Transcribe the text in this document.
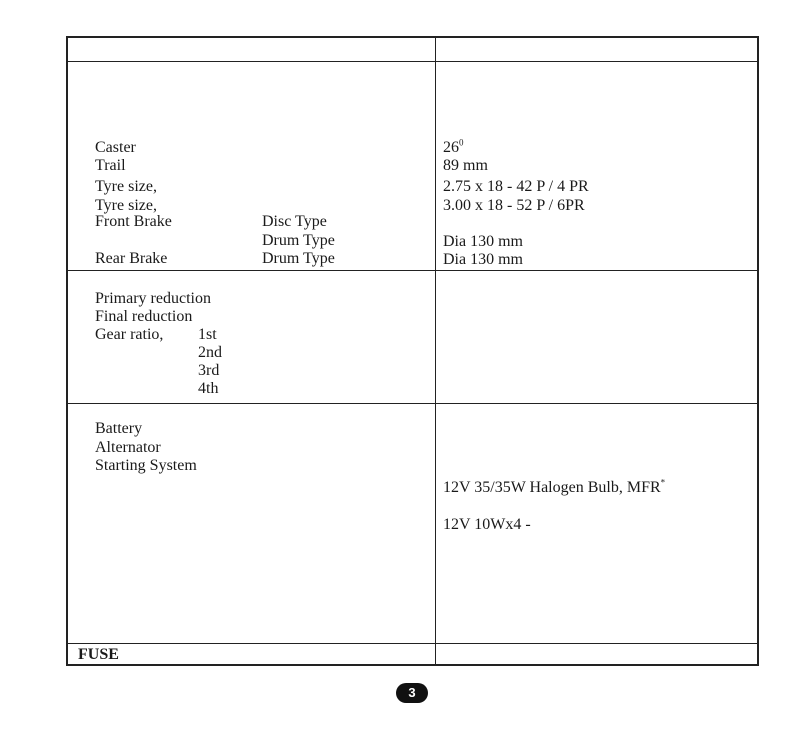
Caster
Trail
Tyre size,
Tyre size,
Front Brake	Disc Type
Drum Type
Rear Brake	Drum Type
$26^0$
89 mm
2.75 x 18 - 42 P / 4 PR
3.00 x 18 - 52 P / 6PR
Dia 130 mm
Dia 130 mm
Primary reduction
Final reduction
Gear ratio, 1st
2nd
3rd
4th
Battery
Alternator
Starting System
12V 35/35W Halogen Bulb, MFR*
12V 10Wx4 -
FUSE
3
